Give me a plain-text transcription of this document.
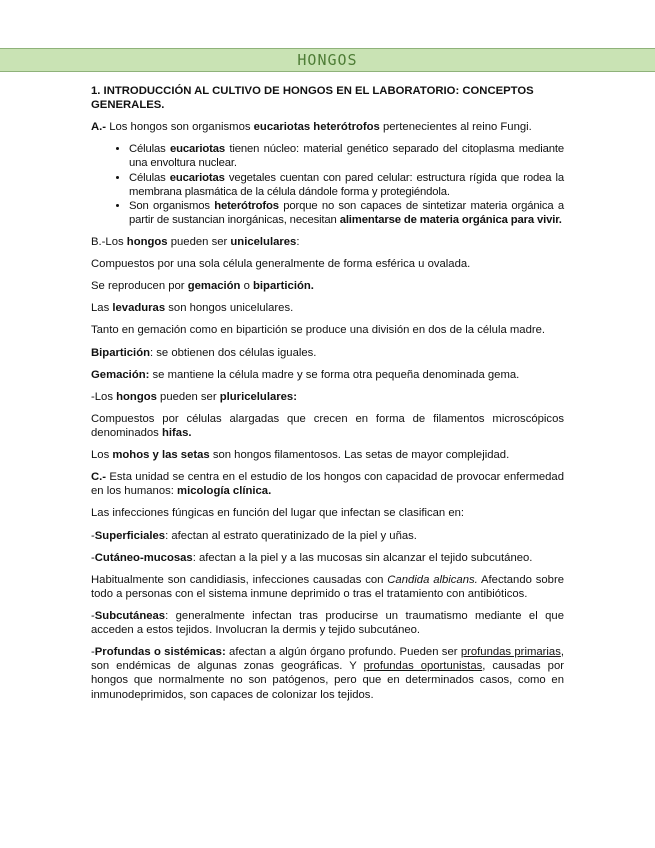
HONGOS

1. INTRODUCCIÓN AL CULTIVO DE HONGOS EN EL LABORATORIO: CONCEPTOS GENERALES.

A.- Los hongos son organismos eucariotas heterótrofos pertenecientes al reino Fungi.

• Células eucariotas tienen núcleo: material genético separado del citoplasma mediante una envoltura nuclear.
• Células eucariotas vegetales cuentan con pared celular: estructura rígida que rodea la membrana plasmática de la célula dándole forma y protegiéndola.
• Son organismos heterótrofos porque no son capaces de sintetizar materia orgánica a partir de sustancian inorgánicas, necesitan alimentarse de materia orgánica para vivir.

B.-Los hongos pueden ser unicelulares:

Compuestos por una sola célula generalmente de forma esférica u ovalada.

Se reproducen por gemación o bipartición.

Las levaduras son hongos unicelulares.

Tanto en gemación como en bipartición se produce una división en dos de la célula madre.

Bipartición: se obtienen dos células iguales.

Gemación: se mantiene la célula madre y se forma otra pequeña denominada gema.

-Los hongos pueden ser pluricelulares:

Compuestos por células alargadas que crecen en forma de filamentos microscópicos denominados hifas.

Los mohos y las setas son hongos filamentosos. Las setas de mayor complejidad.

C.- Esta unidad se centra en el estudio de los hongos con capacidad de provocar enfermedad en los humanos: micología clínica.

Las infecciones fúngicas en función del lugar que infectan se clasifican en:

-Superficiales: afectan al estrato queratinizado de la piel y uñas.

-Cutáneo-mucosas: afectan a la piel y a las mucosas sin alcanzar el tejido subcutáneo.

Habitualmente son candidiasis, infecciones causadas con Candida albicans. Afectando sobre todo a personas con el sistema inmune deprimido o tras el tratamiento con antibióticos.

-Subcutáneas: generalmente infectan tras producirse un traumatismo mediante el que acceden a estos tejidos. Involucran la dermis y tejido subcutáneo.

-Profundas o sistémicas: afectan a algún órgano profundo. Pueden ser profundas primarias, son endémicas de algunas zonas geográficas. Y profundas oportunistas, causadas por hongos que normalmente no son patógenos, pero que en determinados casos, como en inmunodeprimidos, son capaces de colonizar los tejidos.
